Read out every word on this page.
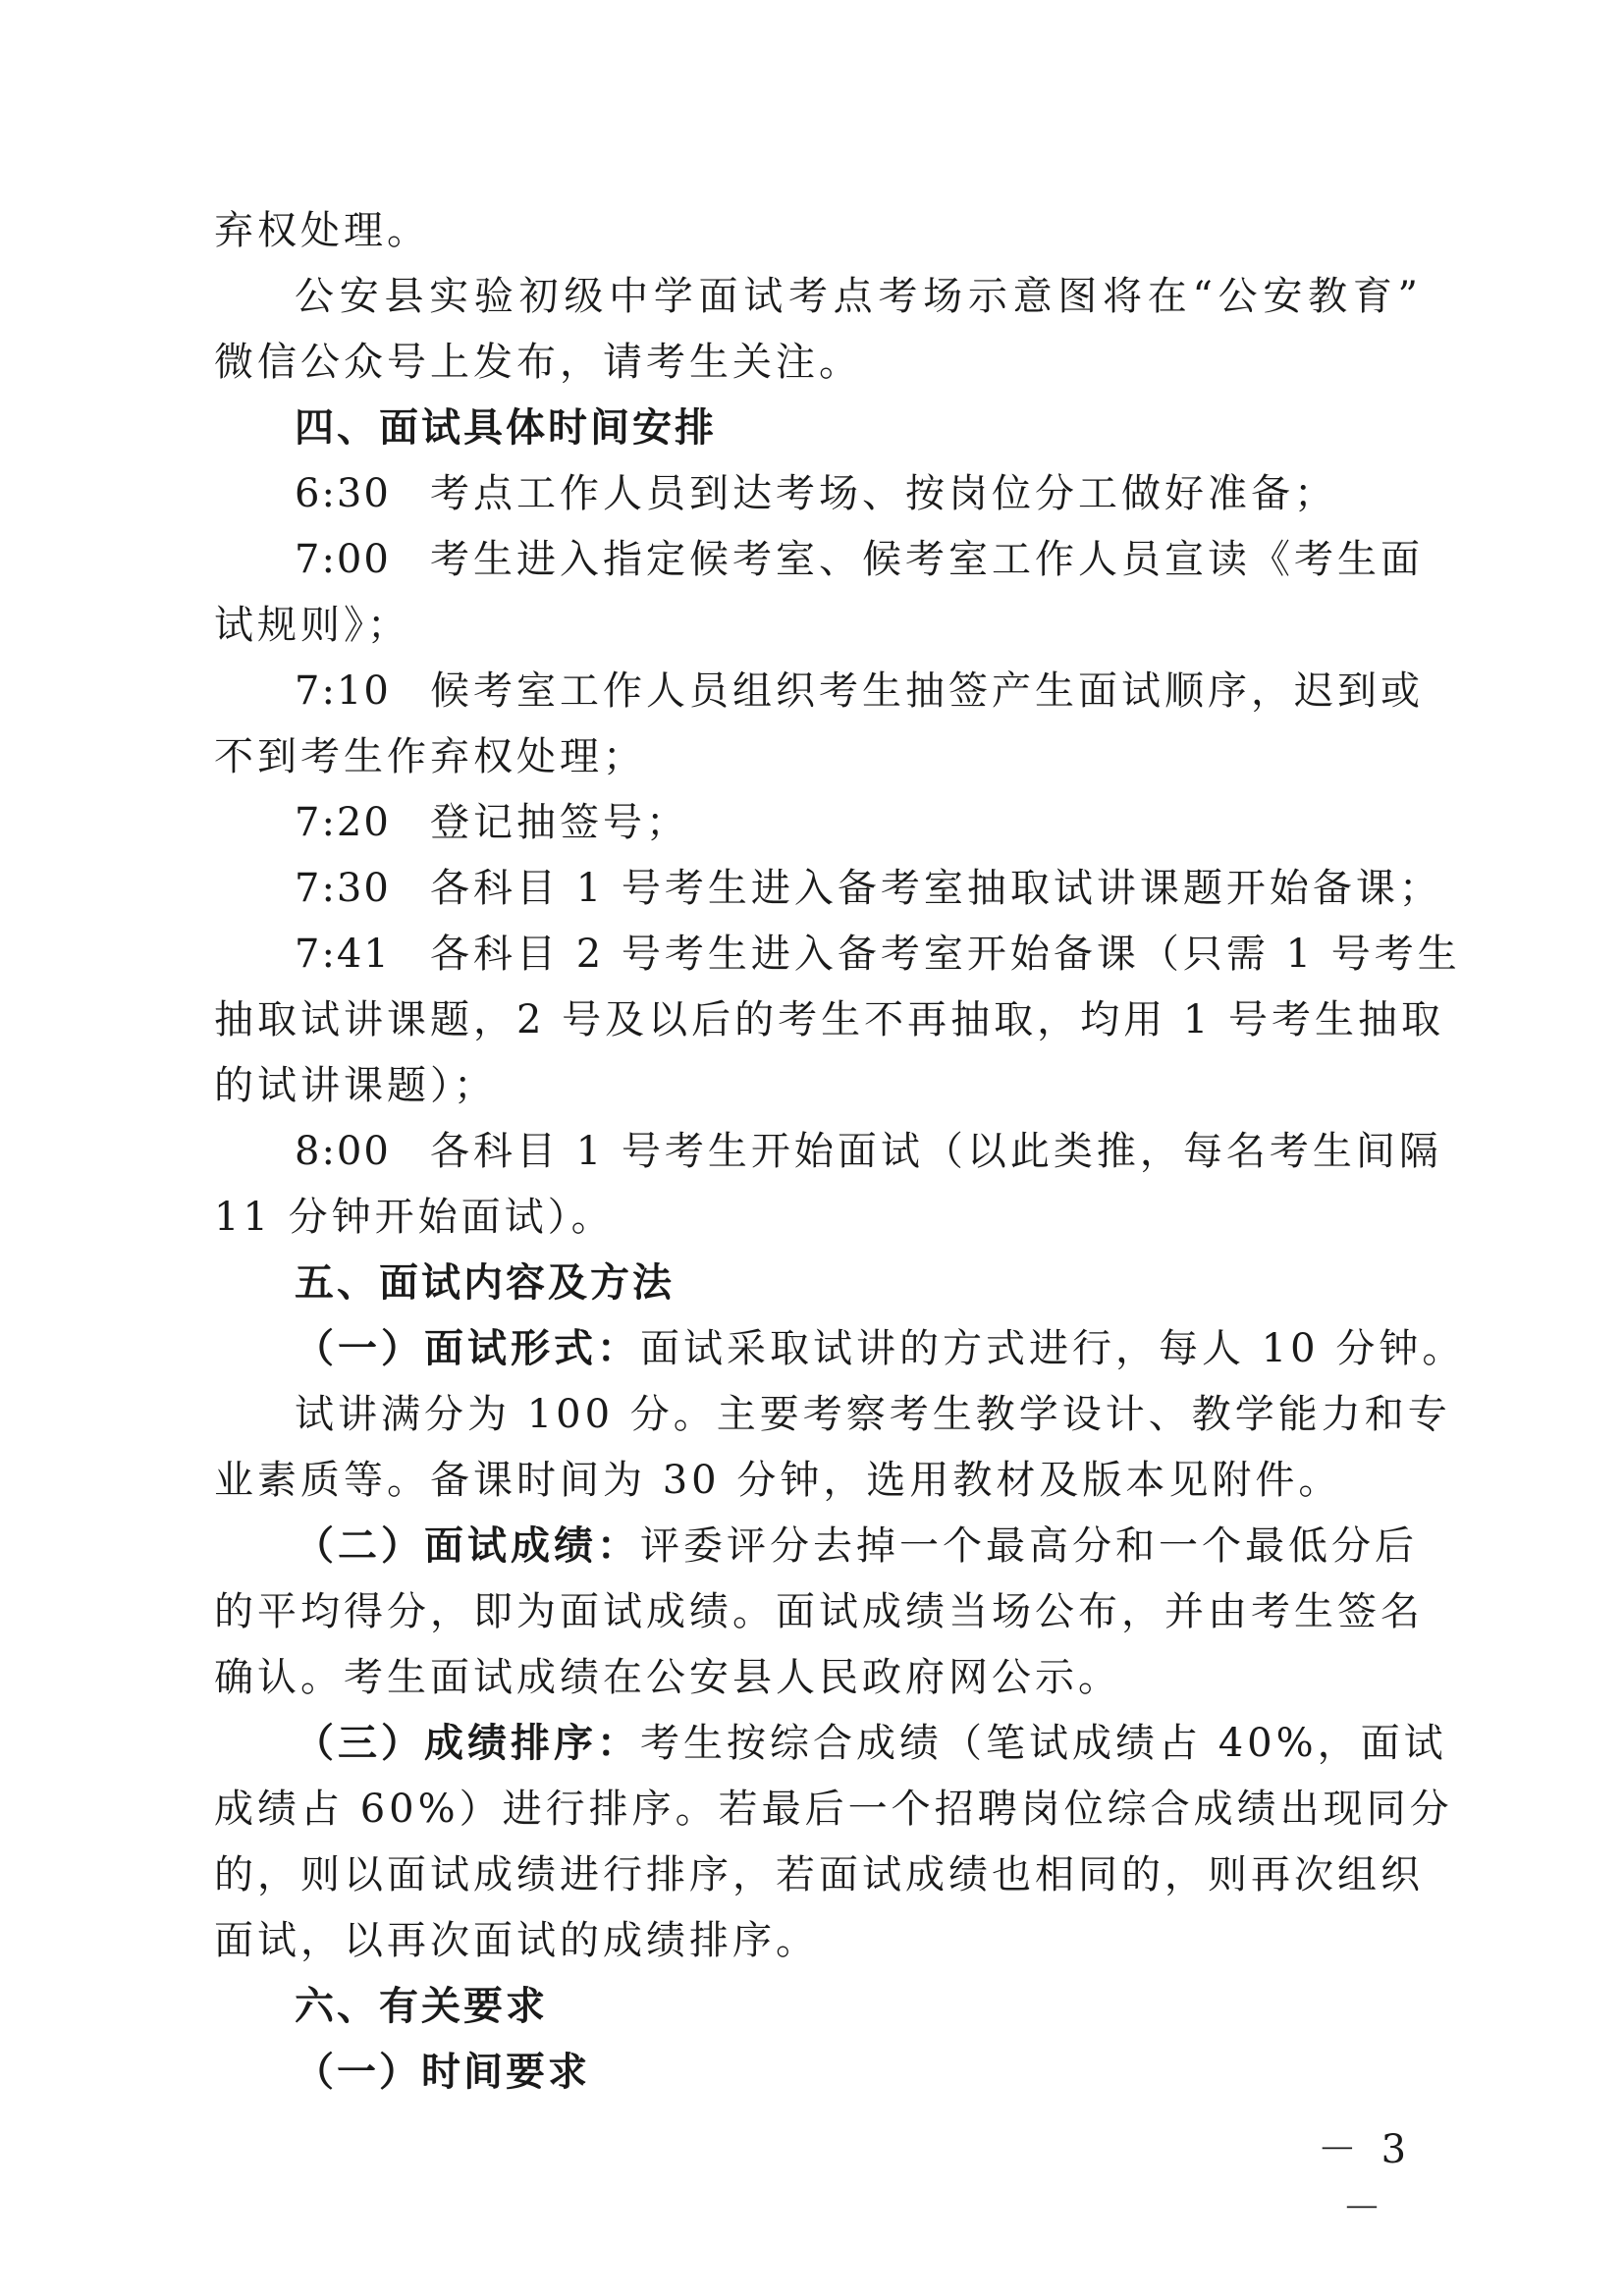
弃权处理。

公安县实验初级中学面试考点考场示意图将在“公安教育”

微信公众号上发布，请考生关注。

四、面试具体时间安排

6:30 考点工作人员到达考场、按岗位分工做好准备；

7:00 考生进入指定候考室、候考室工作人员宣读《考生面

试规则》；

7:10 候考室工作人员组织考生抽签产生面试顺序，迟到或

不到考生作弃权处理；

7:20 登记抽签号；

7:30 各科目 1 号考生进入备考室抽取试讲课题开始备课；

7:41 各科目 2 号考生进入备考室开始备课（只需 1 号考生

抽取试讲课题，2 号及以后的考生不再抽取，均用 1 号考生抽取

的试讲课题）；

8:00 各科目 1 号考生开始面试（以此类推，每名考生间隔

11 分钟开始面试）。

五、面试内容及方法

（一）面试形式：面试采取试讲的方式进行，每人 10 分钟。

试讲满分为 100 分。主要考察考生教学设计、教学能力和专

业素质等。备课时间为 30 分钟，选用教材及版本见附件。

（二）面试成绩：评委评分去掉一个最高分和一个最低分后

的平均得分，即为面试成绩。面试成绩当场公布，并由考生签名

确认。考生面试成绩在公安县人民政府网公示。

（三）成绩排序：考生按综合成绩（笔试成绩占 40%，面试

成绩占 60%）进行排序。若最后一个招聘岗位综合成绩出现同分

的，则以面试成绩进行排序，若面试成绩也相同的，则再次组织

面试，以再次面试的成绩排序。

六、有关要求

（一）时间要求

－ 3 －
